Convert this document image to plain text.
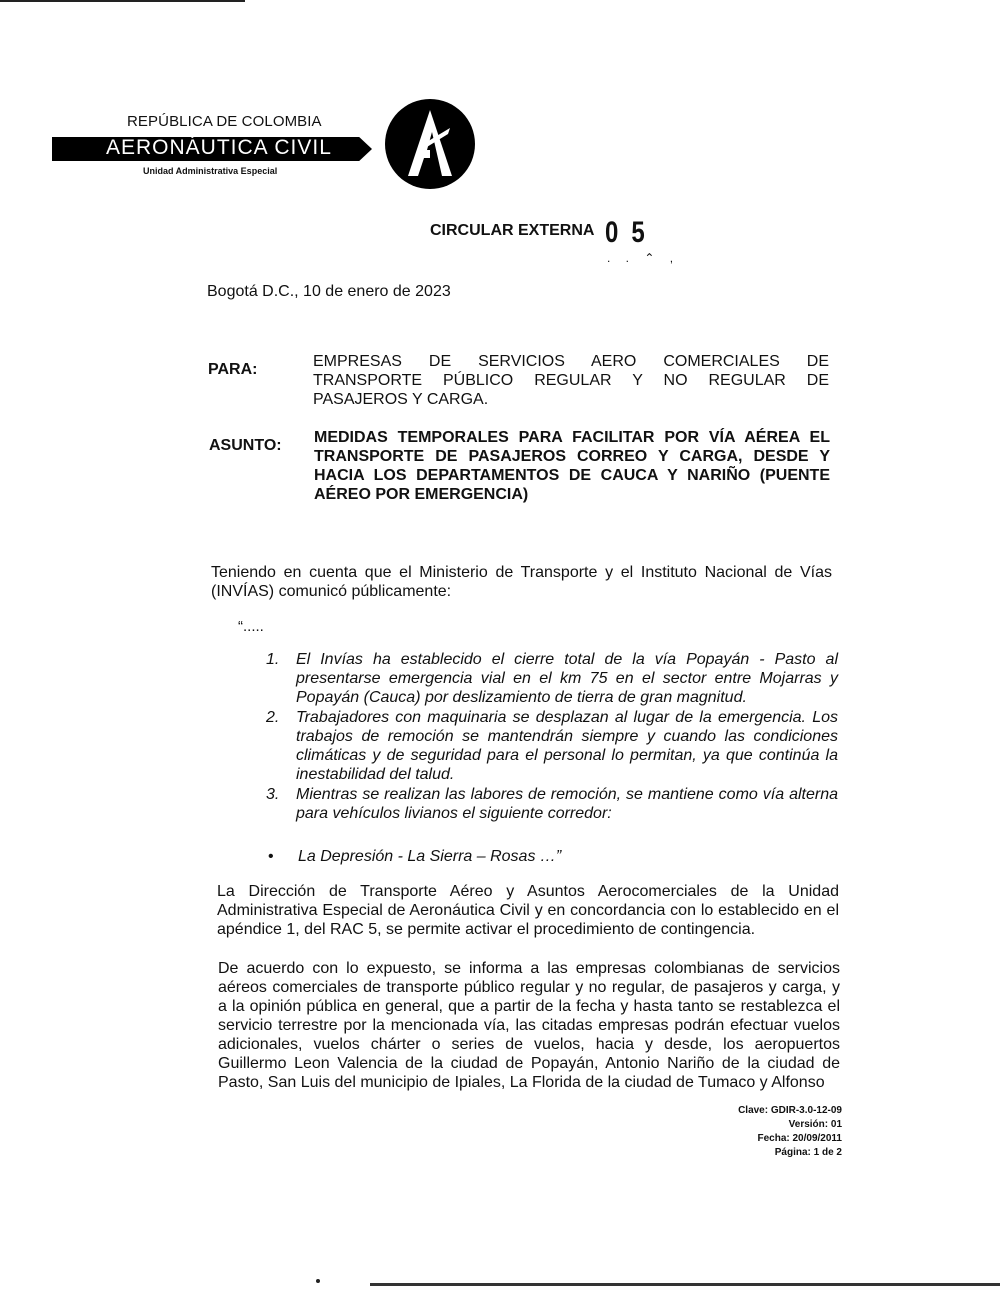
REPÚBLICA DE COLOMBIA
AERONÁUTICA CIVIL
Unidad Administrativa Especial
CIRCULAR EXTERNA 0 5
. . ⌃ ,
Bogotá D.C., 10 de enero de 2023
PARA:	EMPRESAS DE SERVICIOS AERO COMERCIALES DE TRANSPORTE PÚBLICO REGULAR Y NO REGULAR DE PASAJEROS Y CARGA.
ASUNTO: MEDIDAS TEMPORALES PARA FACILITAR POR VÍA AÉREA EL TRANSPORTE DE PASAJEROS CORREO Y CARGA, DESDE Y HACIA LOS DEPARTAMENTOS DE CAUCA Y NARIÑO (PUENTE AÉREO POR EMERGENCIA)
Teniendo en cuenta que el Ministerio de Transporte y el Instituto Nacional de Vías (INVÍAS) comunicó públicamente:
“.....
1.	El Invías ha establecido el cierre total de la vía Popayán - Pasto al presentarse emergencia vial en el km 75 en el sector entre Mojarras y Popayán (Cauca) por deslizamiento de tierra de gran magnitud.
2.	Trabajadores con maquinaria se desplazan al lugar de la emergencia. Los trabajos de remoción se mantendrán siempre y cuando las condiciones climáticas y de seguridad para el personal lo permitan, ya que continúa la inestabilidad del talud.
3.	Mientras se realizan las labores de remoción, se mantiene como vía alterna para vehículos livianos el siguiente corredor:
•	La Depresión - La Sierra – Rosas …”
La Dirección de Transporte Aéreo y Asuntos Aerocomerciales de la Unidad Administrativa Especial de Aeronáutica Civil y en concordancia con lo establecido en el apéndice 1, del RAC 5, se permite activar el procedimiento de contingencia.
De acuerdo con lo expuesto, se informa a las empresas colombianas de servicios aéreos comerciales de transporte público regular y no regular, de pasajeros y carga, y a la opinión pública en general, que a partir de la fecha y hasta tanto se restablezca el servicio terrestre por la mencionada vía, las citadas empresas podrán efectuar vuelos adicionales, vuelos chárter o series de vuelos, hacia y desde, los aeropuertos Guillermo Leon Valencia de la ciudad de Popayán, Antonio Nariño de la ciudad de Pasto, San Luis del municipio de Ipiales, La Florida de la ciudad de Tumaco y Alfonso
Clave: GDIR-3.0-12-09
Versión: 01
Fecha: 20/09/2011
Página: 1 de 2
